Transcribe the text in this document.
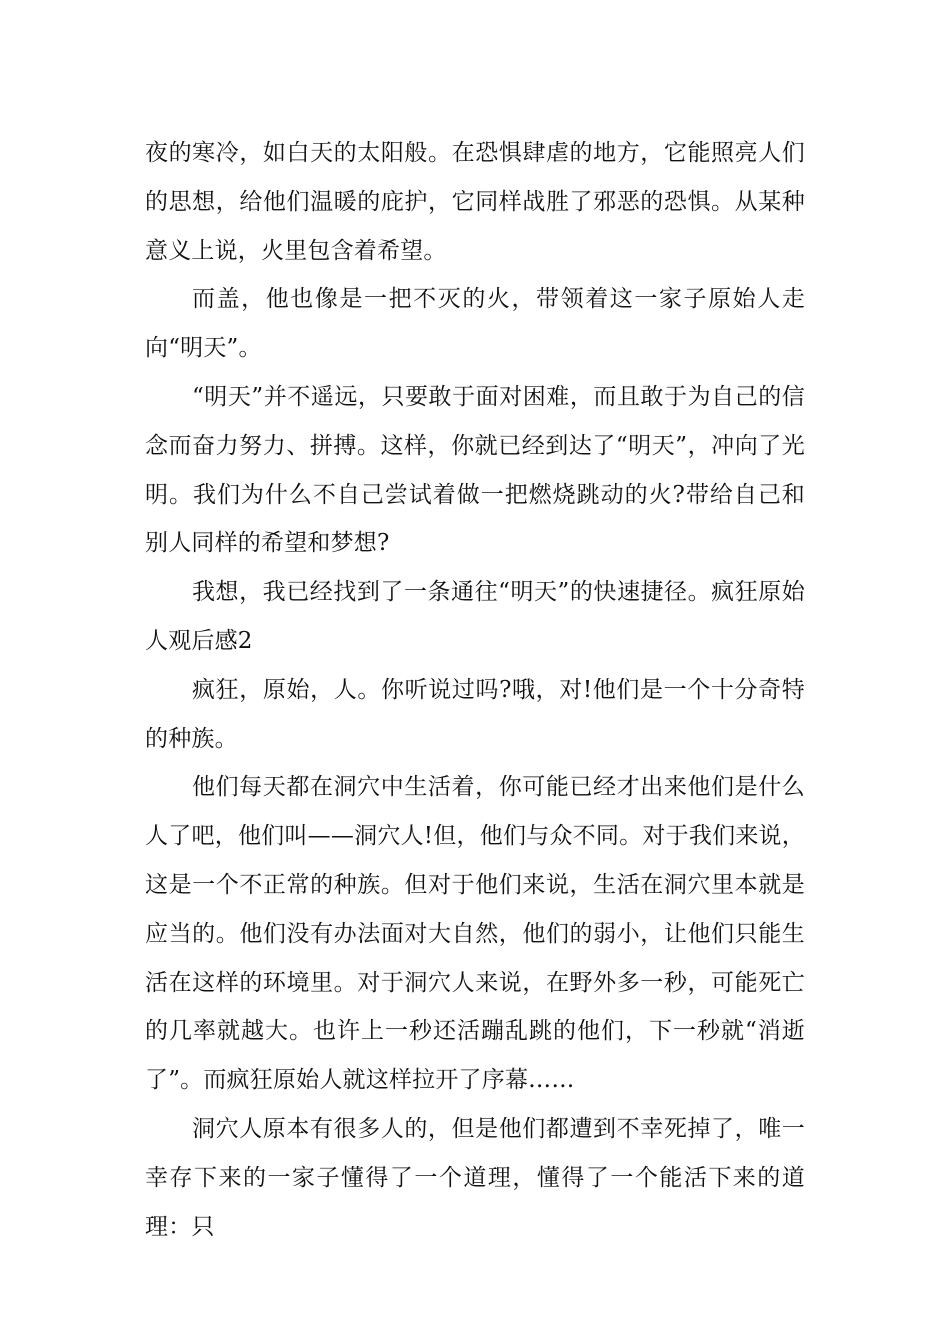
夜的寒冷，如白天的太阳般。在恐惧肆虐的地方，它能照亮人们的思想，给他们温暖的庇护，它同样战胜了邪恶的恐惧。从某种意义上说，火里包含着希望。

而盖，他也像是一把不灭的火，带领着这一家子原始人走向“明天”。

“明天”并不遥远，只要敢于面对困难，而且敢于为自己的信念而奋力努力、拼搏。这样，你就已经到达了“明天”，冲向了光明。我们为什么不自己尝试着做一把燃烧跳动的火?带给自己和别人同样的希望和梦想?

我想，我已经找到了一条通往“明天”的快速捷径。疯狂原始人观后感2

疯狂，原始，人。你听说过吗?哦，对!他们是一个十分奇特的种族。

他们每天都在洞穴中生活着，你可能已经才出来他们是什么人了吧，他们叫——洞穴人!但，他们与众不同。对于我们来说，这是一个不正常的种族。但对于他们来说，生活在洞穴里本就是应当的。他们没有办法面对大自然，他们的弱小，让他们只能生活在这样的环境里。对于洞穴人来说，在野外多一秒，可能死亡的几率就越大。也许上一秒还活蹦乱跳的他们，下一秒就“消逝了”。而疯狂原始人就这样拉开了序幕……

洞穴人原本有很多人的，但是他们都遭到不幸死掉了，唯一幸存下来的一家子懂得了一个道理，懂得了一个能活下来的道理：只
